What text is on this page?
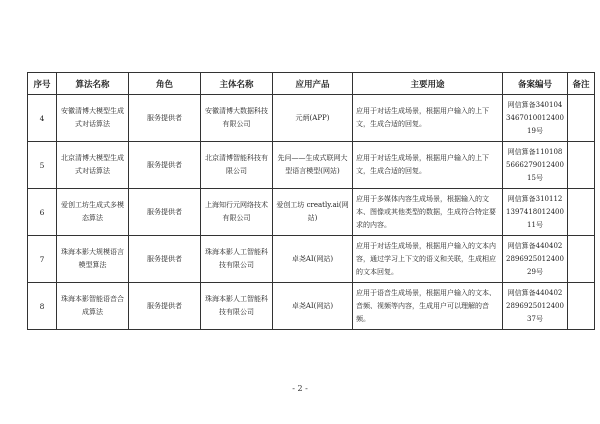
序号	算法名称	角色	主体名称	应用产品	主要用途	备案编号	备注
4	安徽清博大模型生成式对话算法	服务提供者	安徽清博大数据科技有限公司	元炳(APP)	应用于对话生成场景，根据用户输入的上下文，生成合适的回复。	网信算备340104346701001240019号	
5	北京清博大模型生成式对话算法	服务提供者	北京清博智能科技有限公司	先问——生成式联网大型语言模型(网站)	应用于对话生成场景，根据用户输入的上下文，生成合适的回复。	网信算备110108566627901240015号	
6	爱创工坊生成式多模态算法	服务提供者	上海知行元网络技术有限公司	爱创工坊 creatly.ai(网站)	应用于多媒体内容生成场景，根据输入的文本、图像或其他类型的数据，生成符合特定要求的内容。	网信算备310112139741801240011号	
7	珠海本影大规模语言模型算法	服务提供者	珠海本影人工智能科技有限公司	卓尧AI(网站)	应用于对话生成场景，根据用户输入的文本内容，通过学习上下文的语义和关联，生成相应的文本回复。	网信算备440402289692501240029号	
8	珠海本影智能语音合成算法	服务提供者	珠海本影人工智能科技有限公司	卓尧AI(网站)	应用于语音生成场景，根据用户输入的文本、音频、视频等内容，生成用户可以理解的音频。	网信算备440402289692501240037号	
- 2 -
